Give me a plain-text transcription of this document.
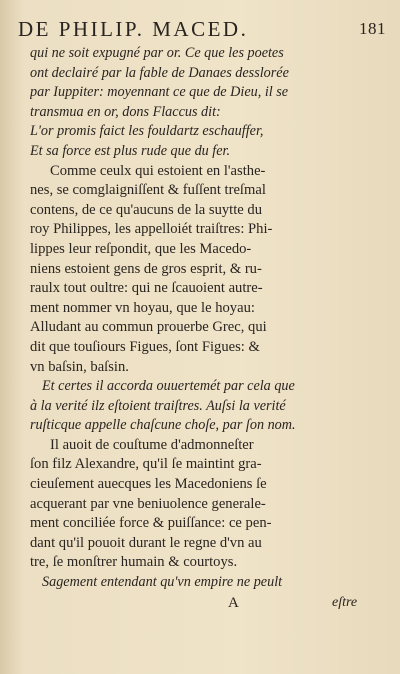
DE PHILIP. MACED.	181
qui ne soit expugné par or. Ce que les poetes
ont declairé par la fable de Danaes desslorée
par Iuppiter: moyennant ce que de Dieu, il se
transmua en or, dons Flaccus dit:
L'or promis faict les fouldartz eschauffer,
Et sa force est plus rude que du fer.
Comme ceulx qui estoient en l'asthe-
nes, se comglaigniſſent & fuſſent treſmal
contens, de ce qu'aucuns de la suytte du
roy Philippes, les appelloiét traiſtres: Phi-
lippes leur reſpondit, que les Macedo-
niens estoient gens de gros esprit, & ru-
raulx tout oultre: qui ne ſcauoient autre-
ment nommer vn hoyau, que le hoyau:
Alludant au commun prouerbe Grec, qui
dit que touſiours Figues, ſont Figues: &
vn baſsin, baſsin.
Et certes il accorda ouuertemét par cela que
à la verité ilz eſtoient traiſtres. Auſsi la verité
ruſticque appelle chaſcune choſe, par ſon nom.
Il auoit de couſtume d'admonneſter
ſon filz Alexandre, qu'il ſe maintint gra-
cieuſement auecques les Macedoniens ſe
acquerant par vne beniuolence generale-
ment conciliée force & puiſſance: ce pen-
dant qu'il pouoit durant le regne d'vn au
tre, ſe monſtrer humain & courtoys.
Sagement entendant qu'vn empire ne peult
A	eſtre
